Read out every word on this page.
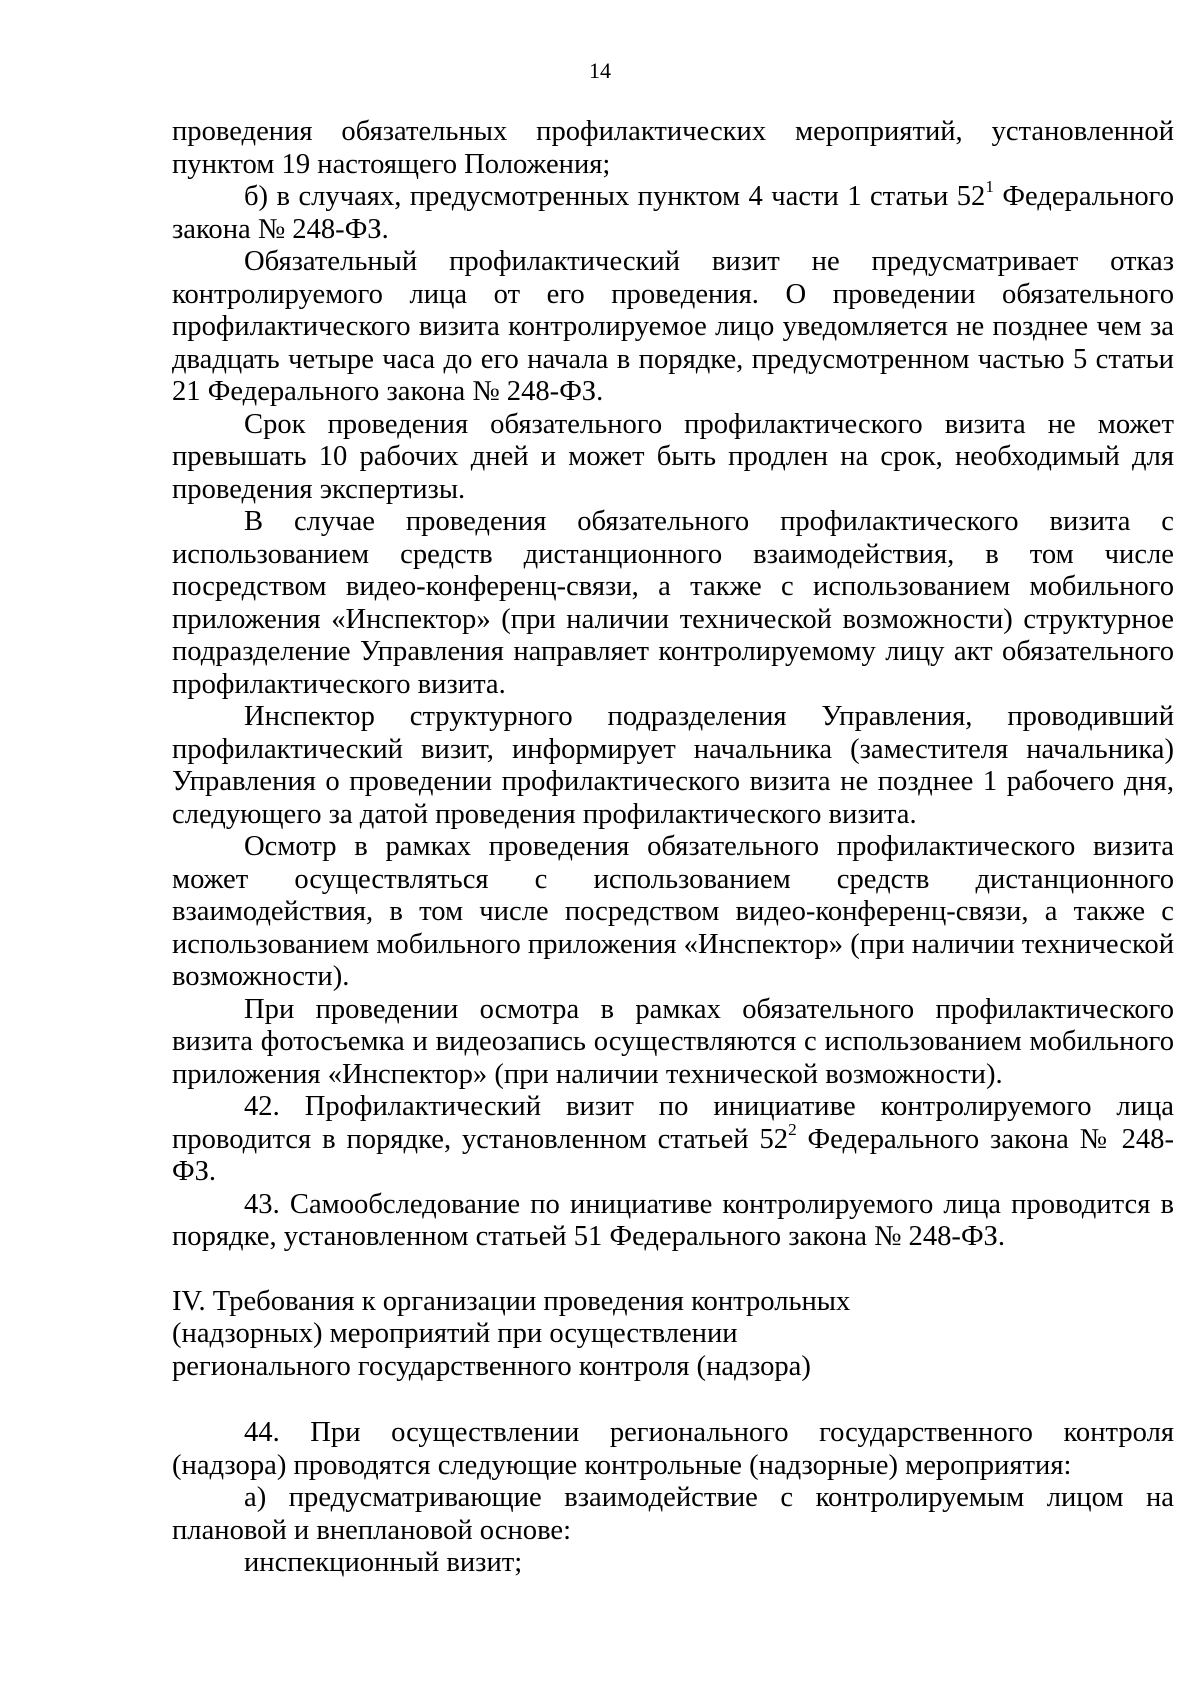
14

проведения обязательных профилактических мероприятий, установленной пунктом 19 настоящего Положения;

б) в случаях, предусмотренных пунктом 4 части 1 статьи $52^1$ Федерального закона № 248-ФЗ.

Обязательный профилактический визит не предусматривает отказ контролируемого лица от его проведения. О проведении обязательного профилактического визита контролируемое лицо уведомляется не позднее чем за двадцать четыре часа до его начала в порядке, предусмотренном частью 5 статьи 21 Федерального закона № 248-ФЗ.

Срок проведения обязательного профилактического визита не может превышать 10 рабочих дней и может быть продлен на срок, необходимый для проведения экспертизы.

В случае проведения обязательного профилактического визита с использованием средств дистанционного взаимодействия, в том числе посредством видео-конференц-связи, а также с использованием мобильного приложения «Инспектор» (при наличии технической возможности) структурное подразделение Управления направляет контролируемому лицу акт обязательного профилактического визита.

Инспектор структурного подразделения Управления, проводивший профилактический визит, информирует начальника (заместителя начальника) Управления о проведении профилактического визита не позднее 1 рабочего дня, следующего за датой проведения профилактического визита.

Осмотр в рамках проведения обязательного профилактического визита может осуществляться с использованием средств дистанционного взаимодействия, в том числе посредством видео-конференц-связи, а также с использованием мобильного приложения «Инспектор» (при наличии технической возможности).

При проведении осмотра в рамках обязательного профилактического визита фотосъемка и видеозапись осуществляются с использованием мобильного приложения «Инспектор» (при наличии технической возможности).

42. Профилактический визит по инициативе контролируемого лица проводится в порядке, установленном статьей $52^2$ Федерального закона № 248-ФЗ.

43. Самообследование по инициативе контролируемого лица проводится в порядке, установленном статьей 51 Федерального закона № 248-ФЗ.

IV. Требования к организации проведения контрольных
(надзорных) мероприятий при осуществлении
регионального государственного контроля (надзора)

44. При осуществлении регионального государственного контроля (надзора) проводятся следующие контрольные (надзорные) мероприятия:

а) предусматривающие взаимодействие с контролируемым лицом на плановой и внеплановой основе:

инспекционный визит;
